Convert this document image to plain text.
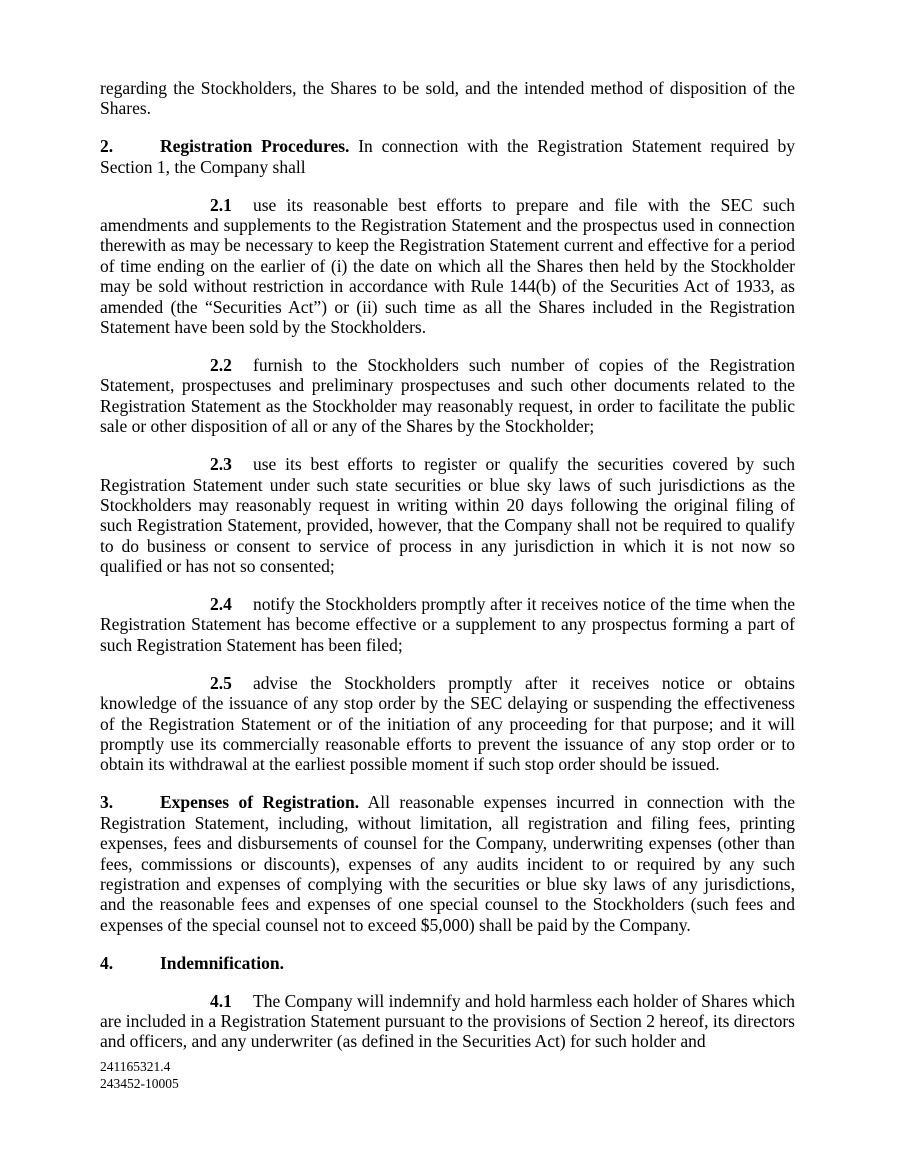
regarding the Stockholders, the Shares to be sold, and the intended method of disposition of the Shares.

2.	Registration Procedures. In connection with the Registration Statement required by Section 1, the Company shall

2.1 use its reasonable best efforts to prepare and file with the SEC such amendments and supplements to the Registration Statement and the prospectus used in connection therewith as may be necessary to keep the Registration Statement current and effective for a period of time ending on the earlier of (i) the date on which all the Shares then held by the Stockholder may be sold without restriction in accordance with Rule 144(b) of the Securities Act of 1933, as amended (the “Securities Act”) or (ii) such time as all the Shares included in the Registration Statement have been sold by the Stockholders.

2.2 furnish to the Stockholders such number of copies of the Registration Statement, prospectuses and preliminary prospectuses and such other documents related to the Registration Statement as the Stockholder may reasonably request, in order to facilitate the public sale or other disposition of all or any of the Shares by the Stockholder;

2.3 use its best efforts to register or qualify the securities covered by such Registration Statement under such state securities or blue sky laws of such jurisdictions as the Stockholders may reasonably request in writing within 20 days following the original filing of such Registration Statement, provided, however, that the Company shall not be required to qualify to do business or consent to service of process in any jurisdiction in which it is not now so qualified or has not so consented;

2.4 notify the Stockholders promptly after it receives notice of the time when the Registration Statement has become effective or a supplement to any prospectus forming a part of such Registration Statement has been filed;

2.5 advise the Stockholders promptly after it receives notice or obtains knowledge of the issuance of any stop order by the SEC delaying or suspending the effectiveness of the Registration Statement or of the initiation of any proceeding for that purpose; and it will promptly use its commercially reasonable efforts to prevent the issuance of any stop order or to obtain its withdrawal at the earliest possible moment if such stop order should be issued.

3.	Expenses of Registration. All reasonable expenses incurred in connection with the Registration Statement, including, without limitation, all registration and filing fees, printing expenses, fees and disbursements of counsel for the Company, underwriting expenses (other than fees, commissions or discounts), expenses of any audits incident to or required by any such registration and expenses of complying with the securities or blue sky laws of any jurisdictions, and the reasonable fees and expenses of one special counsel to the Stockholders (such fees and expenses of the special counsel not to exceed $5,000) shall be paid by the Company.

4.	Indemnification.

4.1 The Company will indemnify and hold harmless each holder of Shares which are included in a Registration Statement pursuant to the provisions of Section 2 hereof, its directors and officers, and any underwriter (as defined in the Securities Act) for such holder and

241165321.4
243452-10005
